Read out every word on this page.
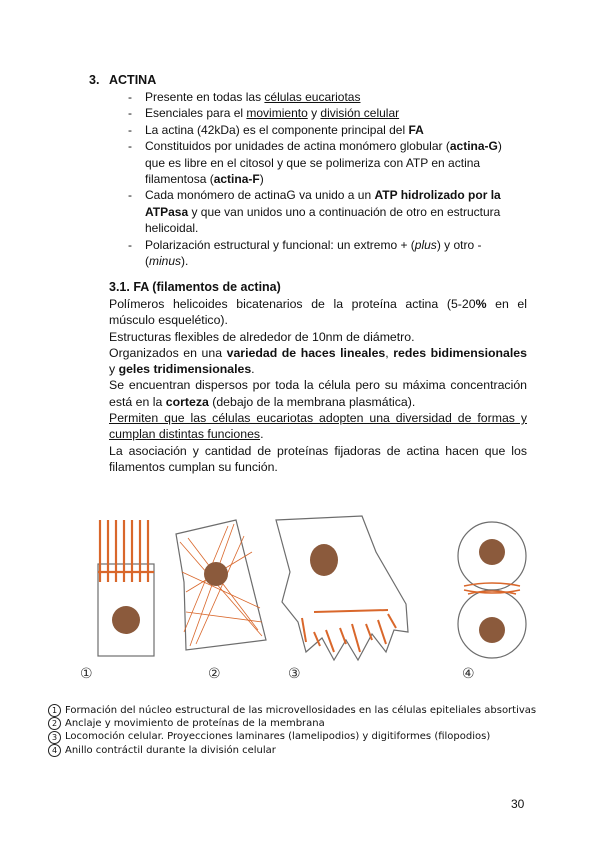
3. ACTINA
- Presente en todas las células eucariotas
- Esenciales para el movimiento y división celular
- La actina (42kDa) es el componente principal del FA
- Constituidos por unidades de actina monómero globular (actina-G) que es libre en el citosol y que se polimeriza con ATP en actina filamentosa (actina-F)
- Cada monómero de actinaG va unido a un ATP hidrolizado por la ATPasa y que van unidos uno a continuación de otro en estructura helicoidal.
- Polarización estructural y funcional: un extremo + (plus) y otro - (minus).
3.1. FA (filamentos de actina)

Polímeros helicoides bicatenarios de la proteína actina (5-20% en el músculo esquelético).

Estructuras flexibles de alrededor de 10nm de diámetro.

Organizados en una variedad de haces lineales, redes bidimensionales y geles tridimensionales.

Se encuentran dispersos por toda la célula pero su máxima concentración está en la corteza (debajo de la membrana plasmática).

Permiten que las células eucariotas adopten una diversidad de formas y cumplan distintas funciones.

La asociación y cantidad de proteínas fijadoras de actina hacen que los filamentos cumplan su función.

①	②	③	④
1 Formación del núcleo estructural de las microvellosidades en las células epiteliales absortivas
2 Anclaje y movimiento de proteínas de la membrana
3 Locomoción celular. Proyecciones laminares (lamelipodios) y digitiformes (filopodios)
4 Anillo contráctil durante la división celular
30
